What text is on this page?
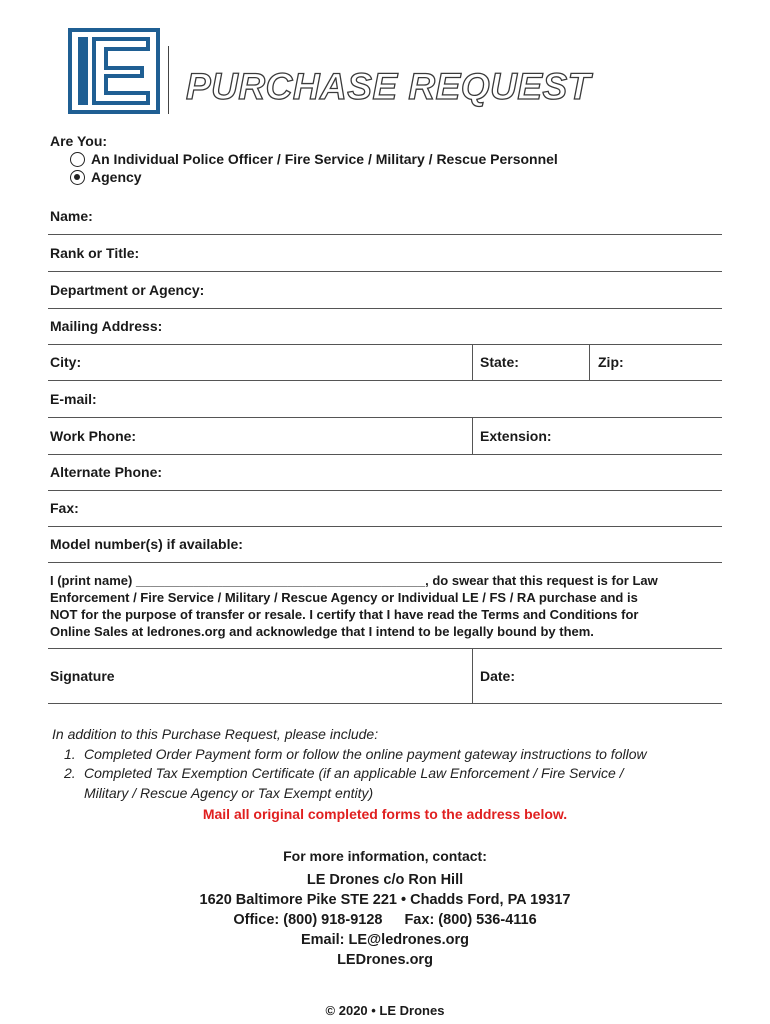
PURCHASE REQUEST
Are You:
An Individual Police Officer / Fire Service / Military / Rescue Personnel
Agency
Name:
Rank or Title:
Department or Agency:
Mailing Address:
City:	State:	Zip:
E-mail:
Work Phone:	Extension:
Alternate Phone:
Fax:
Model number(s) if available:
I (print name) ________________________________________, do swear that this request is for Law
Enforcement / Fire Service / Military / Rescue Agency or Individual LE / FS / RA purchase and is
NOT for the purpose of transfer or resale. I certify that I have read the Terms and Conditions for
Online Sales at ledrones.org and acknowledge that I intend to be legally bound by them.
Signature	Date:
In addition to this Purchase Request, please include:
1. Completed Order Payment form or follow the online payment gateway instructions to follow
2. Completed Tax Exemption Certificate (if an applicable Law Enforcement / Fire Service /
Military / Rescue Agency or Tax Exempt entity)
Mail all original completed forms to the address below.
For more information, contact:
LE Drones c/o Ron Hill
1620 Baltimore Pike STE 221 • Chadds Ford, PA 19317
Office: (800) 918-9128 Fax: (800) 536-4116
Email: LE@ledrones.org
LEDrones.org
© 2020 • LE Drones
